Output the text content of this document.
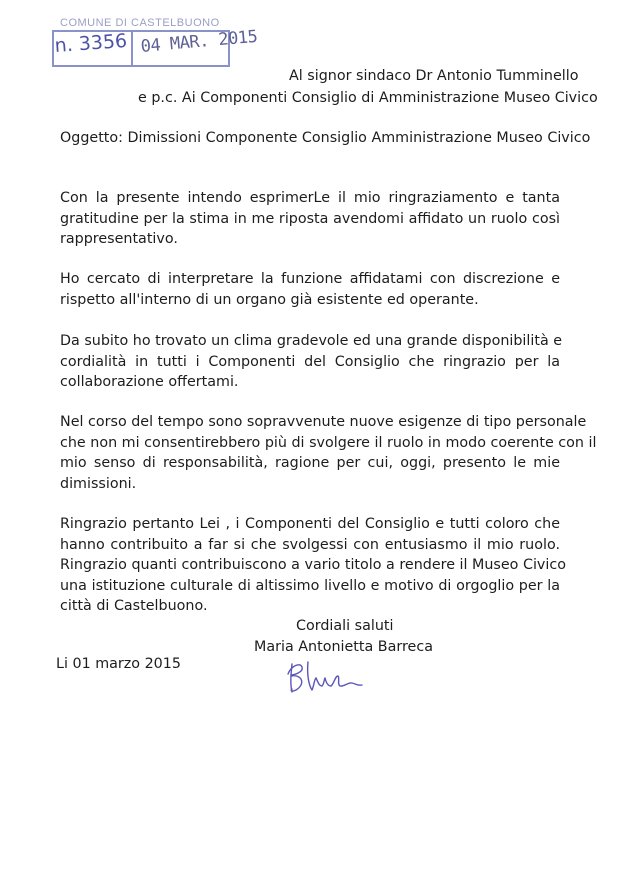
COMUNE DI CASTELBUONO
n. 3356 04 MAR. 2015
Al signor sindaco Dr Antonio Tumminello
e p.c. Ai Componenti Consiglio di Amministrazione Museo Civico
Oggetto: Dimissioni Componente Consiglio Amministrazione Museo Civico
Con la presente intendo esprimerLe il mio ringraziamento e tanta
gratitudine per la stima in me riposta avendomi affidato un ruolo così
rappresentativo.
Ho cercato di interpretare la funzione affidatami con discrezione e
rispetto all'interno di un organo già esistente ed operante.
Da subito ho trovato un clima gradevole ed una grande disponibilità e
cordialità in tutti i Componenti del Consiglio che ringrazio per la
collaborazione offertami.
Nel corso del tempo sono sopravvenute nuove esigenze di tipo personale
che non mi consentirebbero più di svolgere il ruolo in modo coerente con il
mio senso di responsabilità, ragione per cui, oggi, presento le mie
dimissioni.
Ringrazio pertanto Lei , i Componenti del Consiglio e tutti coloro che
hanno contribuito a far si che svolgessi con entusiasmo il mio ruolo.
Ringrazio quanti contribuiscono a vario titolo a rendere il Museo Civico
una istituzione culturale di altissimo livello e motivo di orgoglio per la
città di Castelbuono.
Cordiali saluti
Maria Antonietta Barreca
Li 01 marzo 2015
